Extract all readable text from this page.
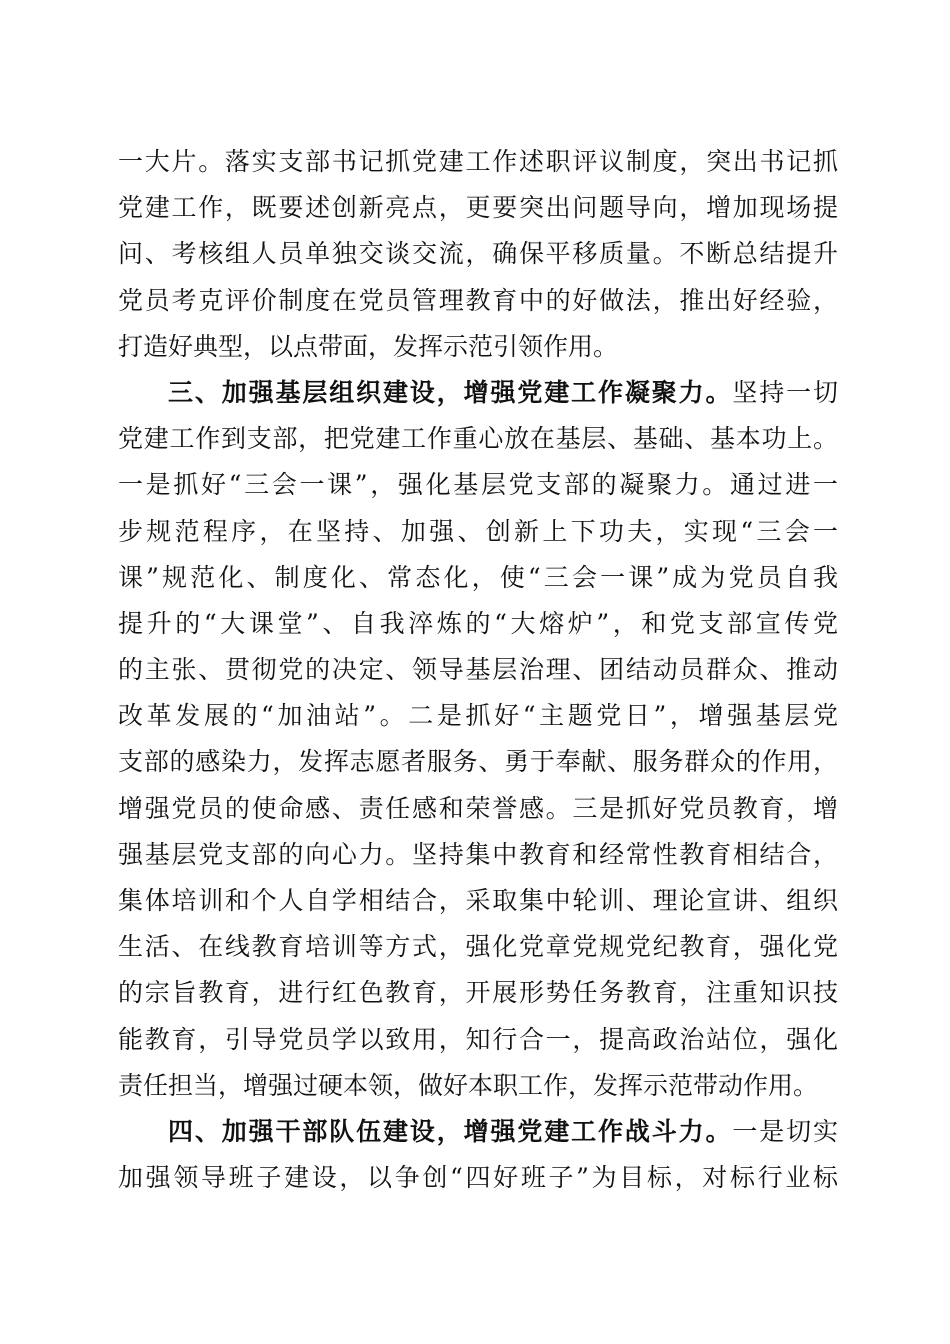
一大片。落实支部书记抓党建工作述职评议制度，突出书记抓
党建工作，既要述创新亮点，更要突出问题导向，增加现场提
问、考核组人员单独交谈交流，确保平移质量。不断总结提升
党员考克评价制度在党员管理教育中的好做法，推出好经验，
打造好典型，以点带面，发挥示范引领作用。
三、加强基层组织建设，增强党建工作凝聚力。坚持一切
党建工作到支部，把党建工作重心放在基层、基础、基本功上。
一是抓好“三会一课”，强化基层党支部的凝聚力。通过进一
步规范程序，在坚持、加强、创新上下功夫，实现“三会一
课”规范化、制度化、常态化，使“三会一课”成为党员自我
提升的“大课堂”、自我淬炼的“大熔炉”，和党支部宣传党
的主张、贯彻党的决定、领导基层治理、团结动员群众、推动
改革发展的“加油站”。二是抓好“主题党日”，增强基层党
支部的感染力，发挥志愿者服务、勇于奉献、服务群众的作用，
增强党员的使命感、责任感和荣誉感。三是抓好党员教育，增
强基层党支部的向心力。坚持集中教育和经常性教育相结合，
集体培训和个人自学相结合，采取集中轮训、理论宣讲、组织
生活、在线教育培训等方式，强化党章党规党纪教育，强化党
的宗旨教育，进行红色教育，开展形势任务教育，注重知识技
能教育，引导党员学以致用，知行合一，提高政治站位，强化
责任担当，增强过硬本领，做好本职工作，发挥示范带动作用。
四、加强干部队伍建设，增强党建工作战斗力。一是切实
加强领导班子建设，以争创“四好班子”为目标，对标行业标
